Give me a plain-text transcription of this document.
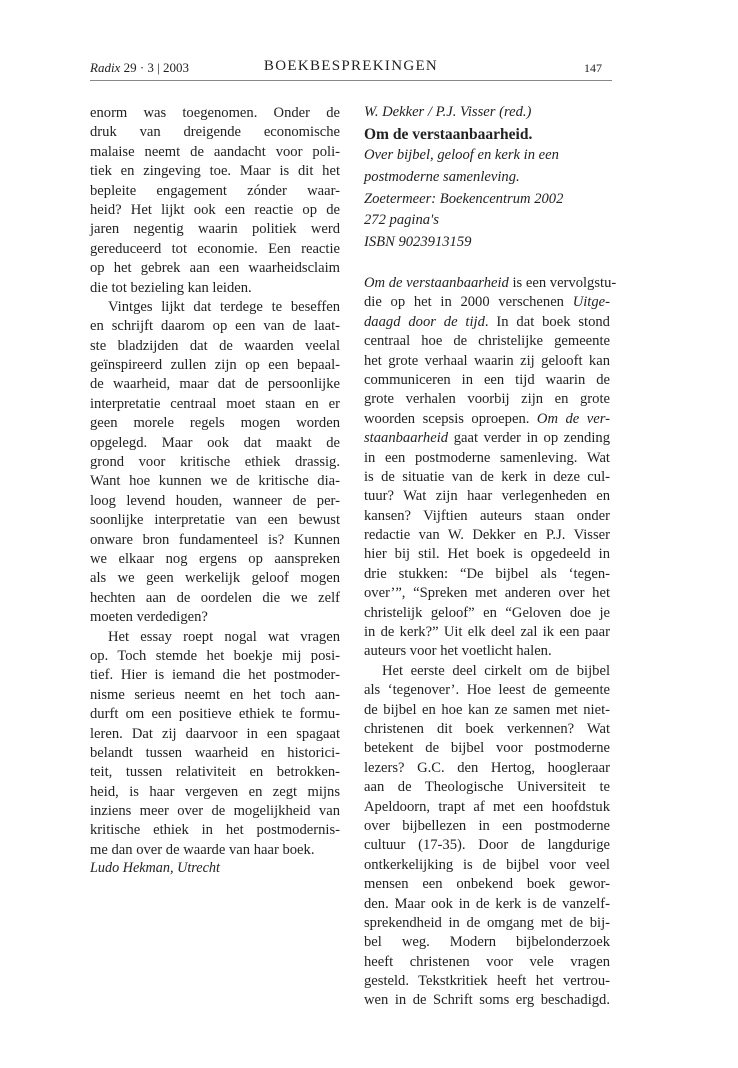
Radix 29 · 3 | 2003	BOEKBESPREKINGEN	147
enorm was toegenomen. Onder de
druk van dreigende economische
malaise neemt de aandacht voor poli-
tiek en zingeving toe. Maar is dit het
bepleite engagement zónder waar-
heid? Het lijkt ook een reactie op de
jaren negentig waarin politiek werd
gereduceerd tot economie. Een reactie
op het gebrek aan een waarheidsclaim
die tot bezieling kan leiden.
Vintges lijkt dat terdege te beseffen
en schrijft daarom op een van de laat-
ste bladzijden dat de waarden veelal
geïnspireerd zullen zijn op een bepaal-
de waarheid, maar dat de persoonlijke
interpretatie centraal moet staan en er
geen morele regels mogen worden
opgelegd. Maar ook dat maakt de
grond voor kritische ethiek drassig.
Want hoe kunnen we de kritische dia-
loog levend houden, wanneer de per-
soonlijke interpretatie van een bewust
onware bron fundamenteel is? Kunnen
we elkaar nog ergens op aanspreken
als we geen werkelijk geloof mogen
hechten aan de oordelen die we zelf
moeten verdedigen?
Het essay roept nogal wat vragen
op. Toch stemde het boekje mij posi-
tief. Hier is iemand die het postmoder-
nisme serieus neemt en het toch aan-
durft om een positieve ethiek te formu-
leren. Dat zij daarvoor in een spagaat
belandt tussen waarheid en historici-
teit, tussen relativiteit en betrokken-
heid, is haar vergeven en zegt mijns
inziens meer over de mogelijkheid van
kritische ethiek in het postmodernis-
me dan over de waarde van haar boek.
Ludo Hekman, Utrecht
W. Dekker / P.J. Visser (red.)
Om de verstaanbaarheid.
Over bijbel, geloof en kerk in een
postmoderne samenleving.
Zoetermeer: Boekencentrum 2002
272 pagina's
ISBN 9023913159
Om de verstaanbaarheid is een vervolgstu-
die op het in 2000 verschenen Uitge-
daagd door de tijd. In dat boek stond
centraal hoe de christelijke gemeente
het grote verhaal waarin zij gelooft kan
communiceren in een tijd waarin de
grote verhalen voorbij zijn en grote
woorden scepsis oproepen. Om de ver-
staanbaarheid gaat verder in op zending
in een postmoderne samenleving. Wat
is de situatie van de kerk in deze cul-
tuur? Wat zijn haar verlegenheden en
kansen? Vijftien auteurs staan onder
redactie van W. Dekker en P.J. Visser
hier bij stil. Het boek is opgedeeld in
drie stukken: “De bijbel als ‘tegen-
over’”, “Spreken met anderen over het
christelijk geloof” en “Geloven doe je
in de kerk?” Uit elk deel zal ik een paar
auteurs voor het voetlicht halen.
Het eerste deel cirkelt om de bijbel
als ‘tegenover’. Hoe leest de gemeente
de bijbel en hoe kan ze samen met niet-
christenen dit boek verkennen? Wat
betekent de bijbel voor postmoderne
lezers? G.C. den Hertog, hoogleraar
aan de Theologische Universiteit te
Apeldoorn, trapt af met een hoofdstuk
over bijbellezen in een postmoderne
cultuur (17-35). Door de langdurige
ontkerkelijking is de bijbel voor veel
mensen een onbekend boek gewor-
den. Maar ook in de kerk is de vanzelf-
sprekendheid in de omgang met de bij-
bel weg. Modern bijbelonderzoek
heeft christenen voor vele vragen
gesteld. Tekstkritiek heeft het vertrou-
wen in de Schrift soms erg beschadigd.
